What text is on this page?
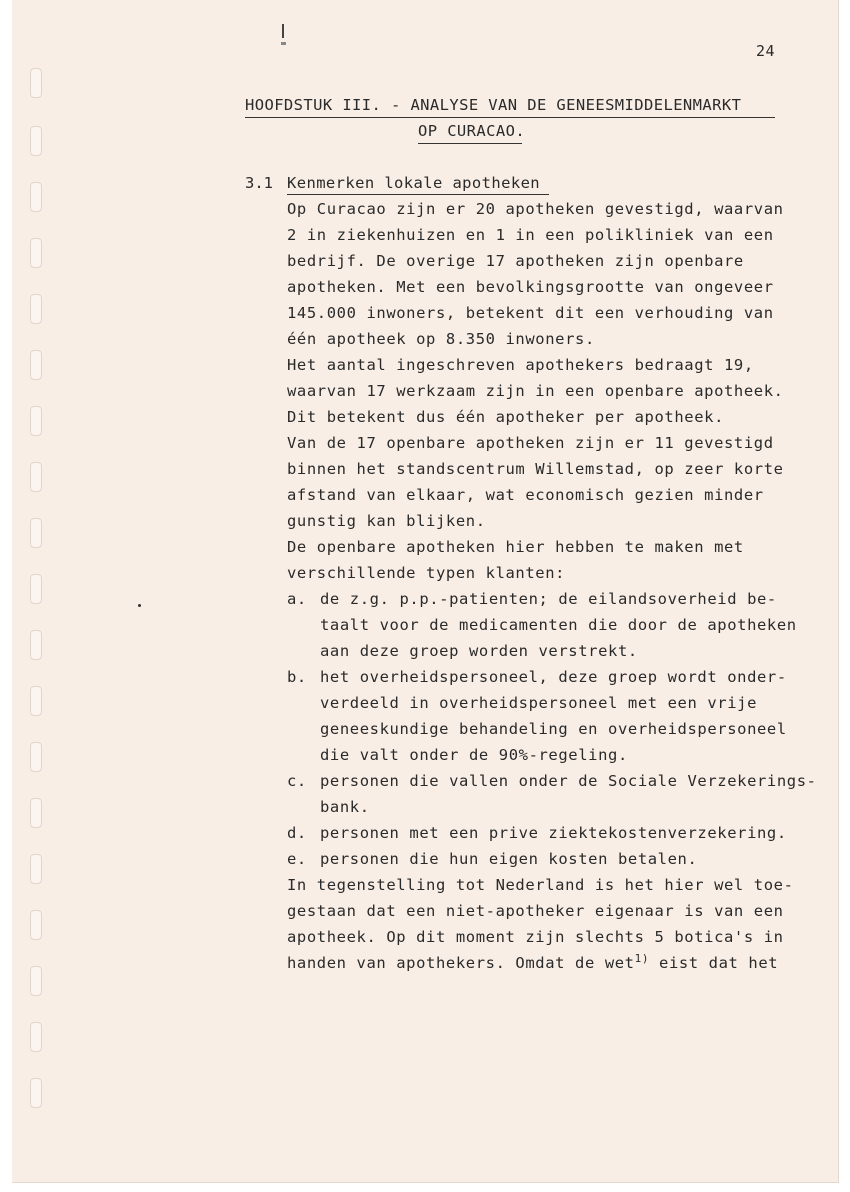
24
HOOFDSTUK III. - ANALYSE VAN DE GENEESMIDDELENMARKT
OP CURACAO.
3.1 Kenmerken lokale apotheken
Op Curacao zijn er 20 apotheken gevestigd, waarvan
2 in ziekenhuizen en 1 in een polikliniek van een
bedrijf. De overige 17 apotheken zijn openbare
apotheken. Met een bevolkingsgrootte van ongeveer
145.000 inwoners, betekent dit een verhouding van
één apotheek op 8.350 inwoners.
Het aantal ingeschreven apothekers bedraagt 19,
waarvan 17 werkzaam zijn in een openbare apotheek.
Dit betekent dus één apotheker per apotheek.
Van de 17 openbare apotheken zijn er 11 gevestigd
binnen het standscentrum Willemstad, op zeer korte
afstand van elkaar, wat economisch gezien minder
gunstig kan blijken.
De openbare apotheken hier hebben te maken met
verschillende typen klanten:
a. de z.g. p.p.-patienten; de eilandsoverheid be-
taalt voor de medicamenten die door de apotheken
aan deze groep worden verstrekt.
b. het overheidspersoneel, deze groep wordt onder-
verdeeld in overheidspersoneel met een vrije
geneeskundige behandeling en overheidspersoneel
die valt onder de 90%-regeling.
c. personen die vallen onder de Sociale Verzekerings-
bank.
d. personen met een prive ziektekostenverzekering.
e. personen die hun eigen kosten betalen.
In tegenstelling tot Nederland is het hier wel toe-
gestaan dat een niet-apotheker eigenaar is van een
apotheek. Op dit moment zijn slechts 5 botica's in
handen van apothekers. Omdat de wet$^{1)}$ eist dat het
